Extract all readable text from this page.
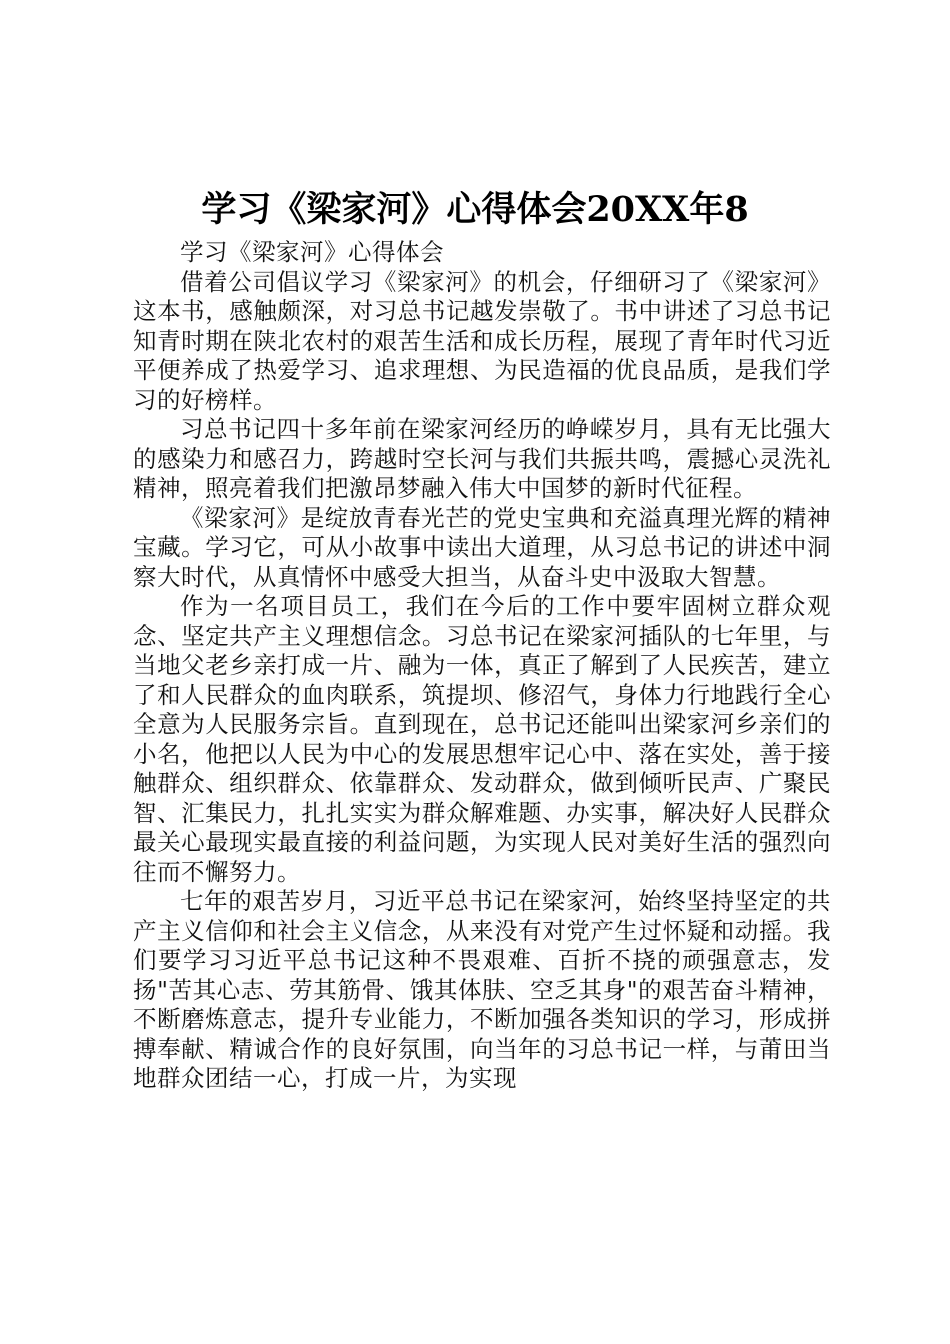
学习《梁家河》心得体会20XX年8

学习《梁家河》心得体会

借着公司倡议学习《梁家河》的机会，仔细研习了《梁家河》这本书，感触颇深，对习总书记越发崇敬了。书中讲述了习总书记知青时期在陕北农村的艰苦生活和成长历程，展现了青年时代习近平便养成了热爱学习、追求理想、为民造福的优良品质，是我们学习的好榜样。

习总书记四十多年前在梁家河经历的峥嵘岁月，具有无比强大的感染力和感召力，跨越时空长河与我们共振共鸣，震撼心灵洗礼精神，照亮着我们把激昂梦融入伟大中国梦的新时代征程。

《梁家河》是绽放青春光芒的党史宝典和充溢真理光辉的精神宝藏。学习它，可从小故事中读出大道理，从习总书记的讲述中洞察大时代，从真情怀中感受大担当，从奋斗史中汲取大智慧。

作为一名项目员工，我们在今后的工作中要牢固树立群众观念、坚定共产主义理想信念。习总书记在梁家河插队的七年里，与当地父老乡亲打成一片、融为一体，真正了解到了人民疾苦，建立了和人民群众的血肉联系，筑提坝、修沼气，身体力行地践行全心全意为人民服务宗旨。直到现在，总书记还能叫出梁家河乡亲们的小名，他把以人民为中心的发展思想牢记心中、落在实处，善于接触群众、组织群众、依靠群众、发动群众，做到倾听民声、广聚民智、汇集民力，扎扎实实为群众解难题、办实事，解决好人民群众最关心最现实最直接的利益问题，为实现人民对美好生活的强烈向往而不懈努力。

七年的艰苦岁月，习近平总书记在梁家河，始终坚持坚定的共产主义信仰和社会主义信念，从来没有对党产生过怀疑和动摇。我们要学习习近平总书记这种不畏艰难、百折不挠的顽强意志，发扬"苦其心志、劳其筋骨、饿其体肤、空乏其身"的艰苦奋斗精神，不断磨炼意志，提升专业能力，不断加强各类知识的学习，形成拼搏奉献、精诚合作的良好氛围，向当年的习总书记一样，与莆田当地群众团结一心，打成一片，为实现
